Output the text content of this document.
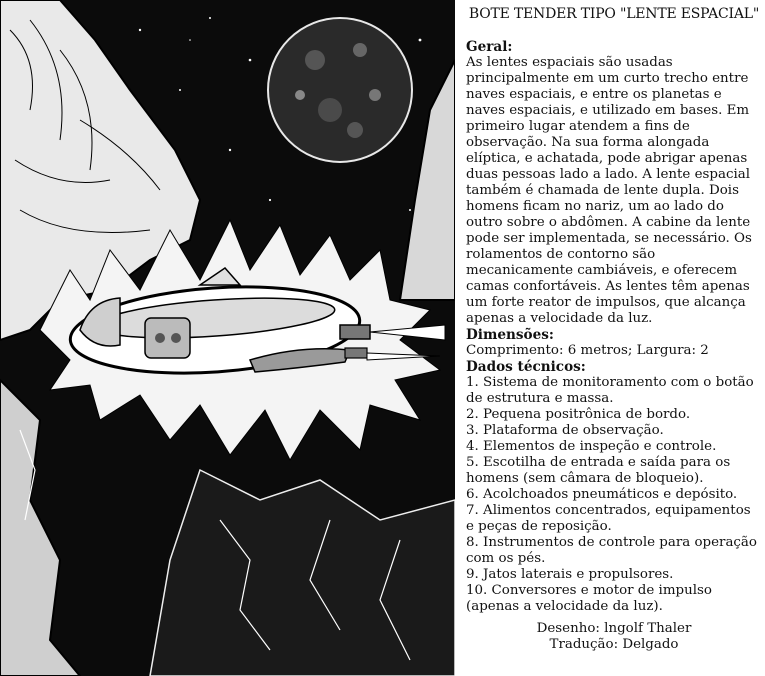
BOTE TENDER TIPO "LENTE ESPACIAL"
Geral:

As lentes espaciais são usadas principalmente em um curto trecho entre naves espaciais, e entre os planetas e naves espaciais, e utilizado em bases. Em primeiro lugar atendem a fins de observação. Na sua forma alongada elíptica, e achatada, pode abrigar apenas duas pessoas lado a lado. A lente espacial também é chamada de lente dupla. Dois homens ficam no nariz, um ao lado do outro sobre o abdômen. A cabine da lente pode ser implementada, se necessário. Os rolamentos de contorno são mecanicamente cambiáveis, e oferecem camas confortáveis. As lentes têm apenas um forte reator de impulsos, que alcança apenas a velocidade da luz.

Dimensões:

Comprimento: 6 metros; Largura: 2

Dados técnicos:
1. Sistema de monitoramento com o botão de estrutura e massa.
2. Pequena positrônica de bordo.
3. Plataforma de observação.
4. Elementos de inspeção e controle.
5. Escotilha de entrada e saída para os homens (sem câmara de bloqueio).
6. Acolchoados pneumáticos e depósito.
7. Alimentos concentrados, equipamentos e peças de reposição.
8. Instrumentos de controle para operação com os pés.
9. Jatos laterais e propulsores.
10. Conversores e motor de impulso (apenas a velocidade da luz).
Desenho: lngolf Thaler
Tradução: Delgado
